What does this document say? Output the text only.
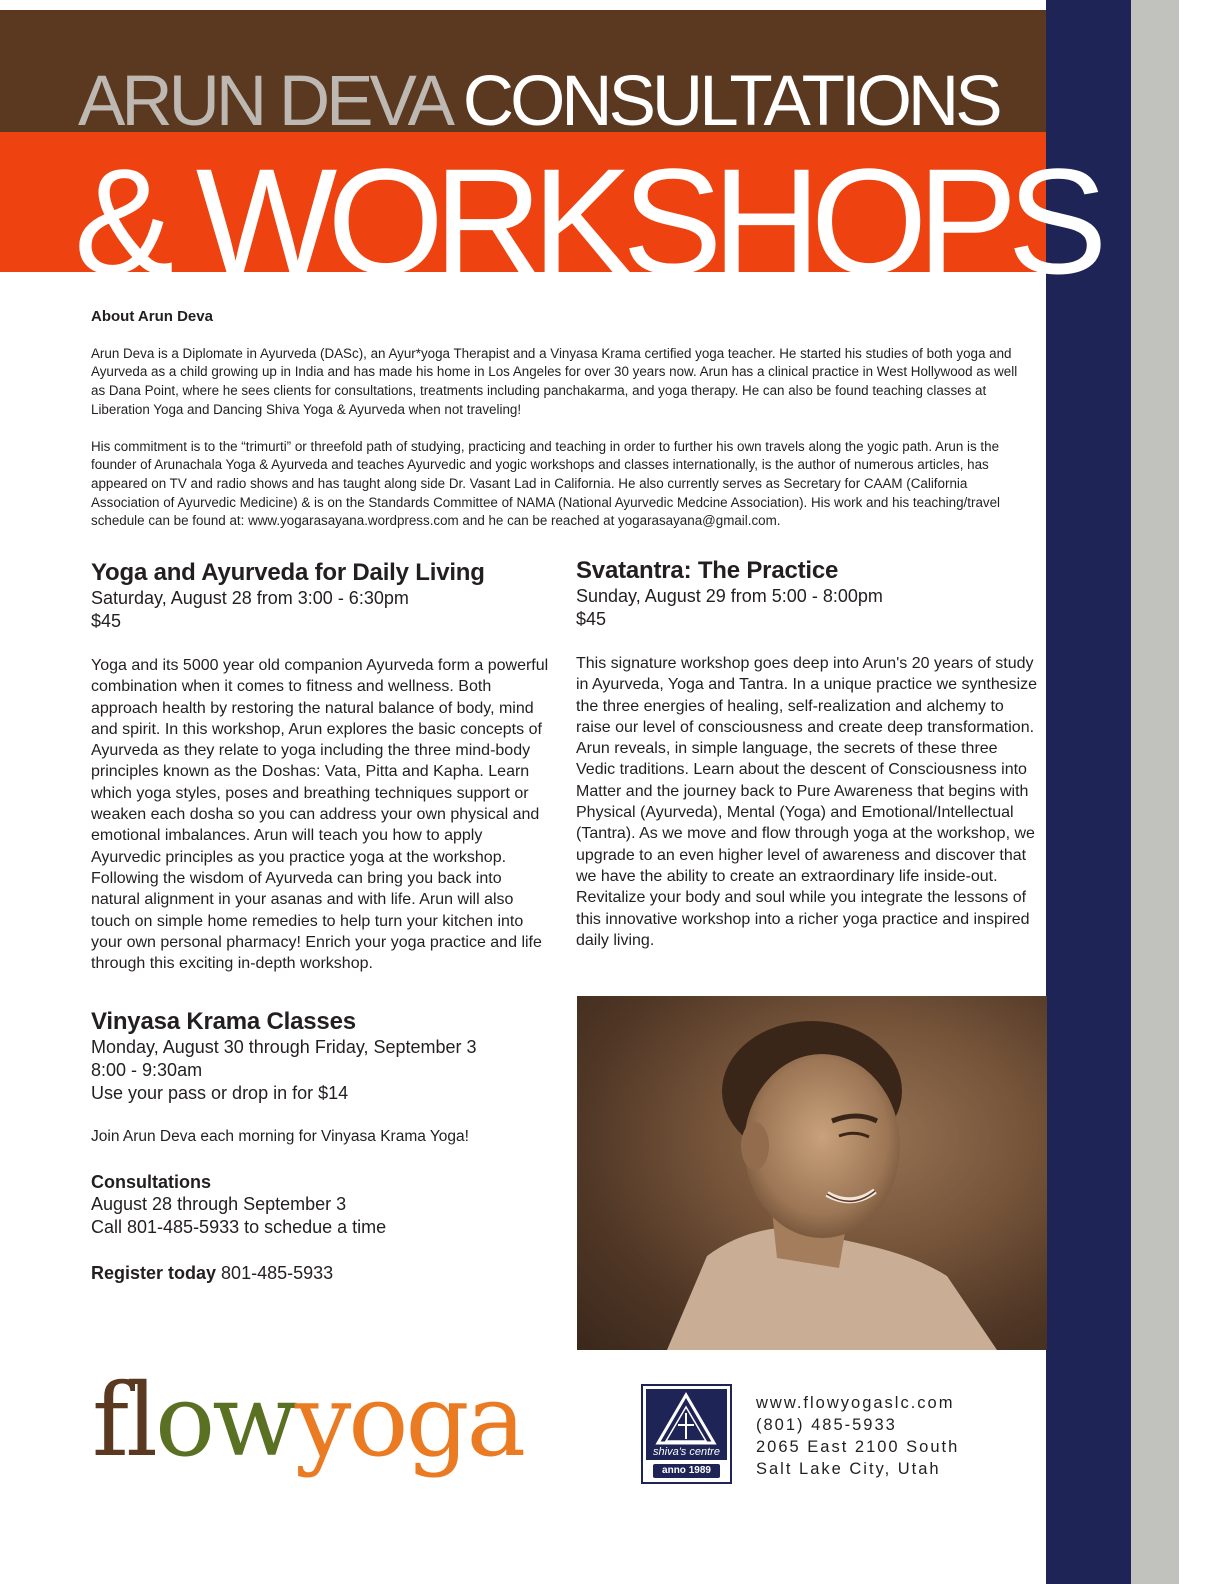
ARUN DEVA CONSULTATIONS
& WORKSHOPS

About Arun Deva

Arun Deva is a Diplomate in Ayurveda (DASc), an Ayur*yoga Therapist and a Vinyasa Krama certified yoga teacher. He started his studies of both yoga and Ayurveda as a child growing up in India and has made his home in Los Angeles for over 30 years now. Arun has a clinical practice in West Hollywood as well as Dana Point, where he sees clients for consultations, treatments including panchakarma, and yoga therapy. He can also be found teaching classes at Liberation Yoga and Dancing Shiva Yoga & Ayurveda when not traveling!

His commitment is to the “trimurti” or threefold path of studying, practicing and teaching in order to further his own travels along the yogic path. Arun is the founder of Arunachala Yoga & Ayurveda and teaches Ayurvedic and yogic workshops and classes internationally, is the author of numerous articles, has appeared on TV and radio shows and has taught along side Dr. Vasant Lad in California. He also currently serves as Secretary for CAAM (California Association of Ayurvedic Medicine) & is on the Standards Committee of NAMA (National Ayurvedic Medcine Association). His work and his teaching/travel schedule can be found at: www.yogarasayana.wordpress.com and he can be reached at yogarasayana@gmail.com.

Yoga and Ayurveda for Daily Living

Saturday, August 28 from 3:00 - 6:30pm

$45

Yoga and its 5000 year old companion Ayurveda form a powerful combination when it comes to fitness and wellness. Both approach health by restoring the natural balance of body, mind and spirit. In this workshop, Arun explores the basic concepts of Ayurveda as they relate to yoga including the three mind-body principles known as the Doshas: Vata, Pitta and Kapha. Learn which yoga styles, poses and breathing techniques support or weaken each dosha so you can address your own physical and emotional imbalances. Arun will teach you how to apply Ayurvedic principles as you practice yoga at the workshop. Following the wisdom of Ayurveda can bring you back into natural alignment in your asanas and with life. Arun will also touch on simple home remedies to help turn your kitchen into your own personal pharmacy! Enrich your yoga practice and life through this exciting in-depth workshop.

Vinyasa Krama Classes

Monday, August 30 through Friday, September 3

8:00 - 9:30am

Use your pass or drop in for $14

Join Arun Deva each morning for Vinyasa Krama Yoga!

Consultations

August 28 through September 3

Call 801-485-5933 to schedue a time

Register today 801-485-5933

Svatantra: The Practice

Sunday, August 29 from 5:00 - 8:00pm

$45

This signature workshop goes deep into Arun's 20 years of study in Ayurveda, Yoga and Tantra. In a unique practice we synthesize the three energies of healing, self-realization and alchemy to raise our level of consciousness and create deep transformation. Arun reveals, in simple language, the secrets of these three Vedic traditions. Learn about the descent of Consciousness into Matter and the journey back to Pure Awareness that begins with Physical (Ayurveda), Mental (Yoga) and Emotional/Intellectual (Tantra). As we move and flow through yoga at the workshop, we upgrade to an even higher level of awareness and discover that we have the ability to create an extraordinary life inside-out. Revitalize your body and soul while you integrate the lessons of this innovative workshop into a richer yoga practice and inspired daily living.

flowyoga	shiva's centre
anno 1989
www.flowyogaslc.com
(801) 485-5933
2065 East 2100 South
Salt Lake City, Utah
